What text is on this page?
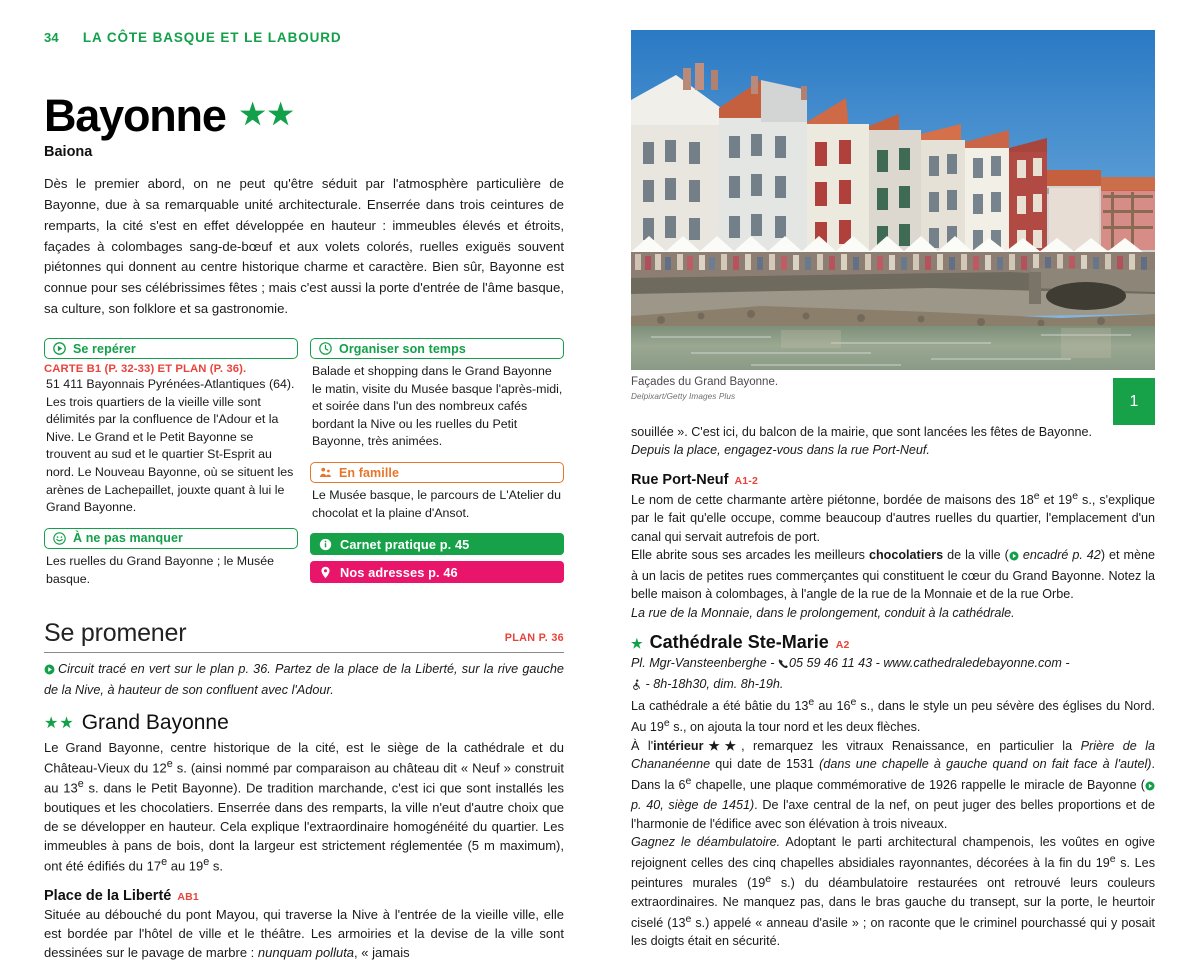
34 LA CÔTE BASQUE ET LE LABOURD
Bayonne ★★
Baiona

Dès le premier abord, on ne peut qu'être séduit par l'atmosphère particulière de Bayonne, due à sa remarquable unité architecturale. Enserrée dans trois ceintures de remparts, la cité s'est en effet développée en hauteur : immeubles élevés et étroits, façades à colombages sang-de-bœuf et aux volets colorés, ruelles exiguës souvent piétonnes qui donnent au centre historique charme et caractère. Bien sûr, Bayonne est connue pour ses célébrissimes fêtes ; mais c'est aussi la porte d'entrée de l'âme basque, sa culture, son folklore et sa gastronomie.

Se repérer
CARTE B1 (P. 32-33) ET PLAN (P. 36).
51 411 Bayonnais Pyrénées-Atlantiques (64). Les trois quartiers de la vieille ville sont délimités par la confluence de l'Adour et la Nive. Le Grand et le Petit Bayonne se trouvent au sud et le quartier St-Esprit au nord. Le Nouveau Bayonne, où se situent les arènes de Lachepaillet, jouxte quant à lui le Grand Bayonne.
À ne pas manquer
Les ruelles du Grand Bayonne ; le Musée basque.
Organiser son temps
Balade et shopping dans le Grand Bayonne le matin, visite du Musée basque l'après-midi, et soirée dans l'un des nombreux cafés bordant la Nive ou les ruelles du Petit Bayonne, très animées.
En famille
Le Musée basque, le parcours de L'Atelier du chocolat et la plaine d'Ansot.
Carnet pratique p. 45
Nos adresses p. 46
Se promener	PLAN P. 36

Circuit tracé en vert sur le plan p. 36. Partez de la place de la Liberté, sur la rive gauche de la Nive, à hauteur de son confluent avec l'Adour.

★★ Grand Bayonne

Le Grand Bayonne, centre historique de la cité, est le siège de la cathédrale et du Château-Vieux du 12e s. (ainsi nommé par comparaison au château dit « Neuf » construit au 13e s. dans le Petit Bayonne). De tradition marchande, c'est ici que sont installés les boutiques et les chocolatiers. Enserrée dans des remparts, la ville n'eut d'autre choix que de se développer en hauteur. Cela explique l'extraordinaire homogénéité du quartier. Les immeubles à pans de bois, dont la largeur est strictement réglementée (5 m maximum), ont été édifiés du 17e au 19e s.

Place de la Liberté AB1

Située au débouché du pont Mayou, qui traverse la Nive à l'entrée de la vieille ville, elle est bordée par l'hôtel de ville et le théâtre. Les armoiries et la devise de la ville sont dessinées sur le pavage de marbre : nunquam polluta, « jamais

Façades du Grand Bayonne.
Delpixart/Getty Images Plus

souillée ». C'est ici, du balcon de la mairie, que sont lancées les fêtes de Bayonne.
Depuis la place, engagez-vous dans la rue Port-Neuf.

Rue Port-Neuf A1-2

Le nom de cette charmante artère piétonne, bordée de maisons des 18e et 19e s., s'explique par le fait qu'elle occupe, comme beaucoup d'autres ruelles du quartier, l'emplacement d'un canal qui servait autrefois de port.

Elle abrite sous ses arcades les meilleurs chocolatiers de la ville ( encadré p. 42) et mène à un lacis de petites rues commerçantes qui constituent le cœur du Grand Bayonne. Notez la belle maison à colombages, à l'angle de la rue de la Monnaie et de la rue Orbe.

La rue de la Monnaie, dans le prolongement, conduit à la cathédrale.

★ Cathédrale Ste-Marie A2

Pl. Mgr-Vansteenberghe - 05 59 46 11 43 - www.cathedraledebayonne.com -
- 8h-18h30, dim. 8h-19h.

La cathédrale a été bâtie du 13e au 16e s., dans le style un peu sévère des églises du Nord. Au 19e s., on ajouta la tour nord et les deux flèches.

À l'intérieur★★, remarquez les vitraux Renaissance, en particulier la Prière de la Chananéenne qui date de 1531 (dans une chapelle à gauche quand on fait face à l'autel). Dans la 6e chapelle, une plaque commémorative de 1926 rappelle le miracle de Bayonne ( p. 40, siège de 1451). De l'axe central de la nef, on peut juger des belles proportions et de l'harmonie de l'édifice avec son élévation à trois niveaux.

Gagnez le déambulatoire. Adoptant le parti architectural champenois, les voûtes en ogive rejoignent celles des cinq chapelles absidiales rayonnantes, décorées à la fin du 19e s. Les peintures murales (19e s.) du déambulatoire restaurées ont retrouvé leurs couleurs extraordinaires. Ne manquez pas, dans le bras gauche du transept, sur la porte, le heurtoir ciselé (13e s.) appelé « anneau d'asile » ; on raconte que le criminel pourchassé qui y posait les doigts était en sécurité.

1
